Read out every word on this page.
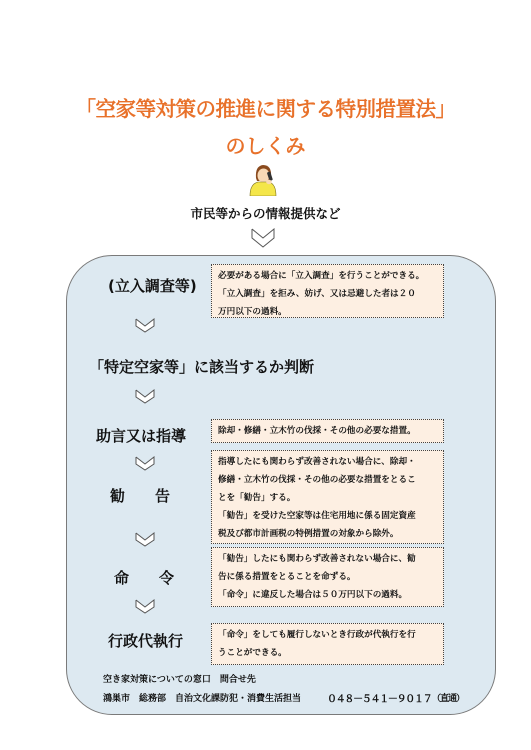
「空家等対策の推進に関する特別措置法」
のしくみ
市民等からの情報提供など
(立入調査等)
必要がある場合に「立入調査」を行うことができる。
「立入調査」を拒み、妨げ、又は忌避した者は２０
万円以下の過料。
「特定空家等」に該当するか判断
助言又は指導	除却・修繕・立木竹の伐採・その他の必要な措置。
勧　　告
指導したにも関わらず改善されない場合に、除却・
修繕・立木竹の伐採・その他の必要な措置をとるこ
とを「勧告」する。
「勧告」を受けた空家等は住宅用地に係る固定資産
税及び都市計画税の特例措置の対象から除外。
命　　令
「勧告」したにも関わらず改善されない場合に、勧
告に係る措置をとることを命ずる。
「命令」に違反した場合は５０万円以下の過料。
行政代執行	「命令」をしても履行しないとき行政が代執行を行
うことができる。
空き家対策についての窓口　問合せ先
鴻巣市　総務部　自治文化課防犯・消費生活担当	０４８－５４１－９０１７ （直通）
